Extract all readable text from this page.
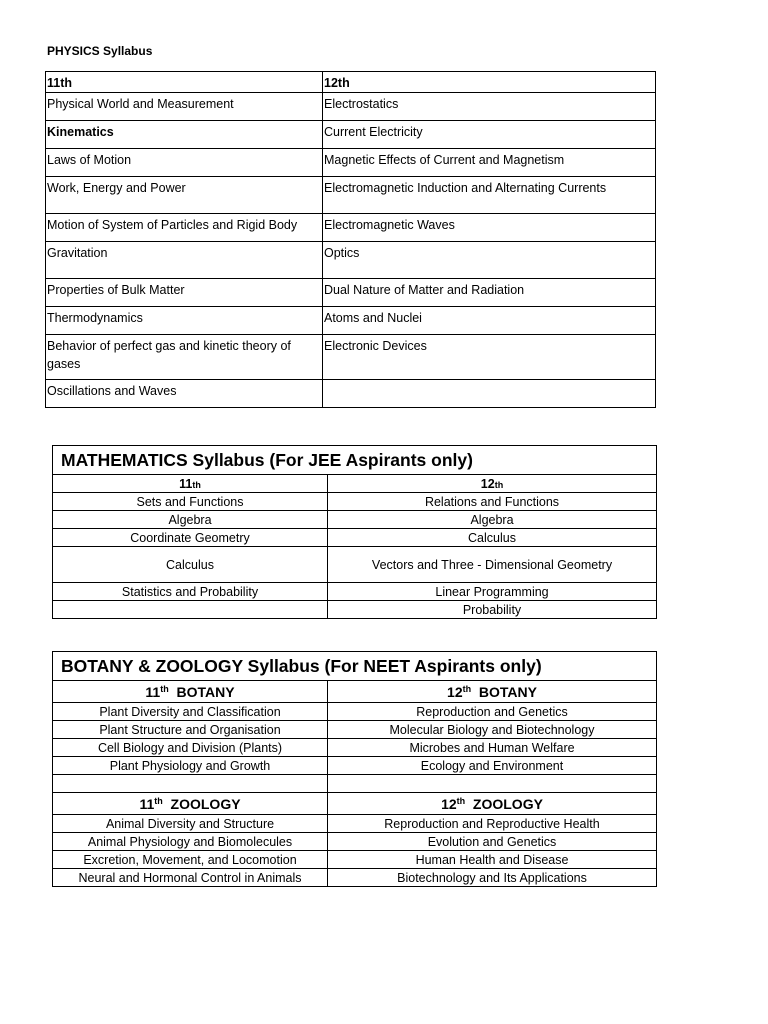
PHYSICS Syllabus
11th	12th
Physical World and Measurement	Electrostatics
Kinematics	Current Electricity
Laws of Motion	Magnetic Effects of Current and Magnetism
Work, Energy and Power	Electromagnetic Induction and Alternating Currents
Motion of System of Particles and Rigid Body	Electromagnetic Waves
Gravitation	Optics
Properties of Bulk Matter	Dual Nature of Matter and Radiation
Thermodynamics	Atoms and Nuclei
Behavior of perfect gas and kinetic theory of gases	Electronic Devices
Oscillations and Waves	
MATHEMATICS Syllabus (For JEE Aspirants only)	
11th	12th
Sets and Functions	Relations and Functions
Algebra	Algebra
Coordinate Geometry	Calculus
Calculus	Vectors and Three - Dimensional Geometry
Statistics and Probability	Linear Programming
	Probability
BOTANY & ZOOLOGY Syllabus (For NEET Aspirants only)	
11th BOTANY	12th BOTANY
Plant Diversity and Classification	Reproduction and Genetics
Plant Structure and Organisation	Molecular Biology and Biotechnology
Cell Biology and Division (Plants)	Microbes and Human Welfare
Plant Physiology and Growth	Ecology and Environment

11th ZOOLOGY	12th ZOOLOGY
Animal Diversity and Structure	Reproduction and Reproductive Health
Animal Physiology and Biomolecules	Evolution and Genetics
Excretion, Movement, and Locomotion	Human Health and Disease
Neural and Hormonal Control in Animals	Biotechnology and Its Applications
